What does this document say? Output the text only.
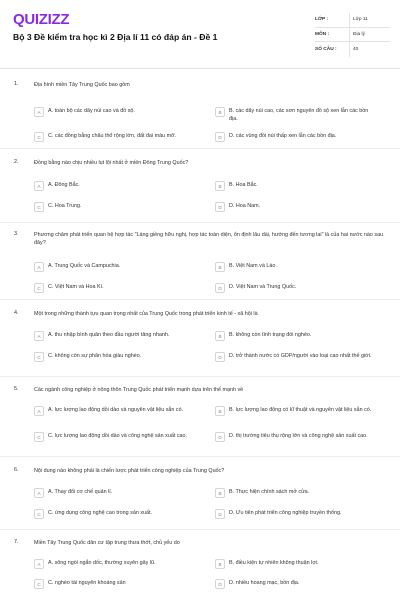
QUIZIZZ
Bộ 3 Đề kiểm tra học kì 2 Địa lí 11 có đáp án - Đề 1
LỚP :	Lớp 11
MÔN :	Địa lý
SỐ CÂU :	40
1.	Địa hình miền Tây Trung Quốc bao gồm
A	A. toàn bộ các dãy núi cao và đồ sộ.	B	B. các dãy núi cao, các sơn nguyên đồ sộ xen lẫn các bồn địa.
C	C. các đồng bằng châu thổ rộng lớn, đất đai màu mỡ.	D	D. các vùng đồi núi thấp xen lẫn các bồn địa.
2.	Đồng bằng nào chịu nhiều lụt lội nhất ở miền Đông Trung Quốc?
A	A. Đông Bắc.	B	B. Hoa Bắc.
C	C. Hoa Trung.	D	D. Hoa Nam.
3.	Phương châm phát triển quan hệ hợp tác "Láng giềng hữu nghị, hợp tác toàn diện, ổn định lâu dài, hướng đến tương lai" là của hai nước nào sau đây?
A	A. Trung Quốc và Campuchia.	B	B. Việt Nam và Lào.
C	C. Việt Nam và Hoa Kì.	D	D. Việt Nam và Trung Quốc.
4.	Một trong những thành tựu quan trọng nhất của Trung Quốc trong phát triển kinh tế - xã hội là
A	A. thu nhập bình quân theo đầu người tăng nhanh.	B	B. không còn tình trạng đói nghèo.
C	C. không còn sự phân hóa giàu nghèo.	D	D. trở thành nước có GDP/người vào loại cao nhất thế giới.
5.	Các ngành công nghiệp ở nông thôn Trung Quốc phát triển mạnh dựa trên thế mạnh về
A	A. lực lượng lao động dồi dào và nguyên vật liệu sẵn có.	B	B. lực lượng lao động có kĩ thuật và nguyên vật liệu sẵn có.
C	C. lực lượng lao động dồi dào và công nghệ sản xuất cao.	D	D. thị trường tiêu thụ rộng lớn và công nghệ sản xuất cao.
6.	Nội dung nào không phải là chiến lược phát triển công nghiệp của Trung Quốc?
A	A. Thay đổi cơ chế quản lí.	B	B. Thực hiện chính sách mở cửa.
C	C. ứng dụng công nghệ cao trong sản xuất.	D	D. Ưu tiên phát triển công nghiệp truyền thống.
7.	Miền Tây Trung Quốc dân cư tập trung thưa thớt, chủ yếu do
A	A. sông ngòi ngắn dốc, thường xuyên gây lũ.	B	B. điều kiện tự nhiên không thuận lợi.
C	C. nghèo tài nguyên khoáng sản	D	D. nhiều hoang mạc, bồn địa.
